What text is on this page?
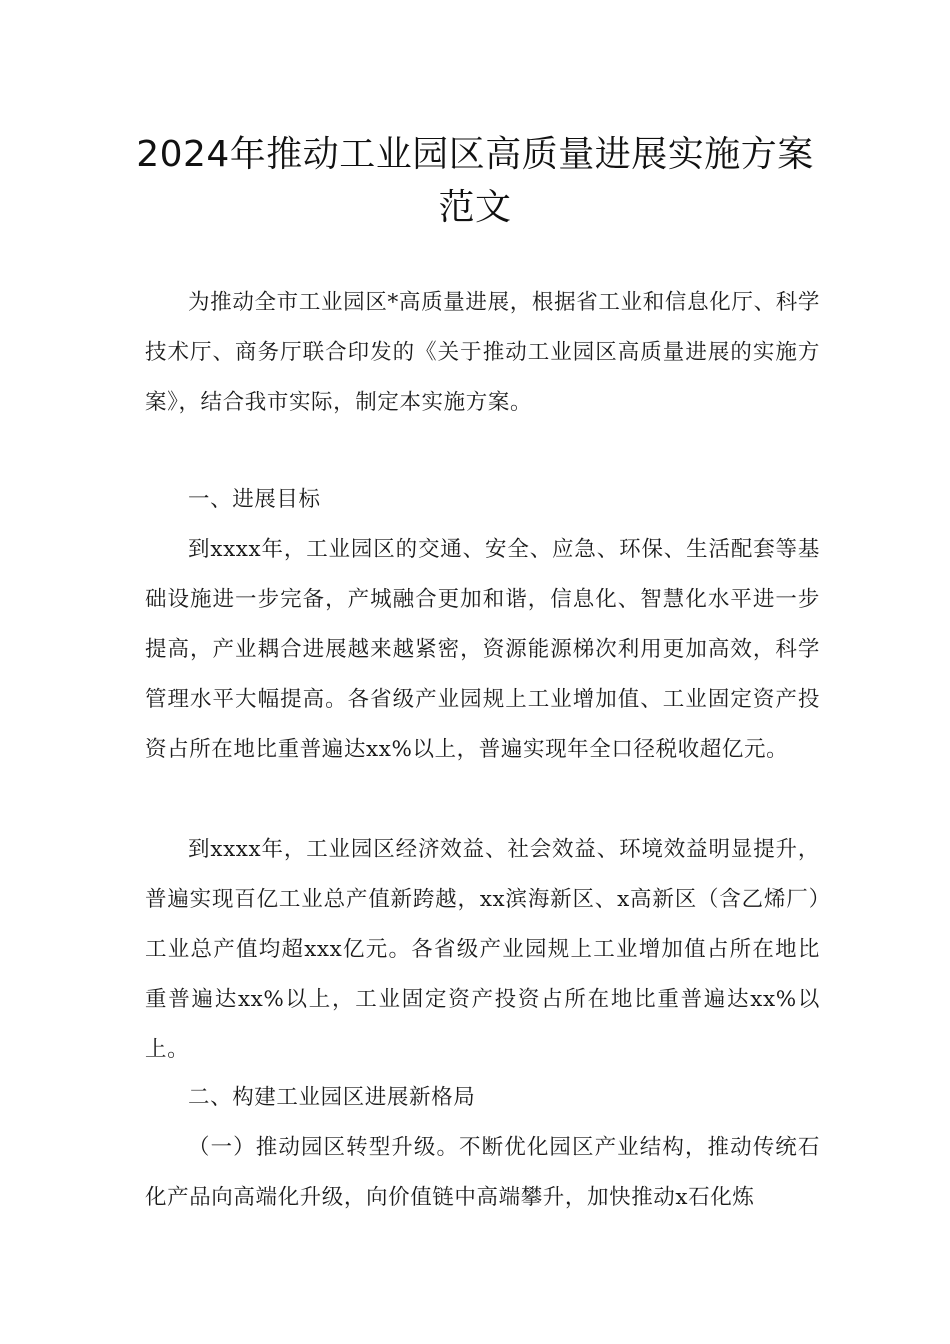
2024年推动工业园区高质量进展实施方案范文

为推动全市工业园区*高质量进展，根据省工业和信息化厅、科学技术厅、商务厅联合印发的《关于推动工业园区高质量进展的实施方案》，结合我市实际，制定本实施方案。

一、进展目标

到xxxx年，工业园区的交通、安全、应急、环保、生活配套等基础设施进一步完备，产城融合更加和谐，信息化、智慧化水平进一步提高，产业耦合进展越来越紧密，资源能源梯次利用更加高效，科学管理水平大幅提高。各省级产业园规上工业增加值、工业固定资产投资占所在地比重普遍达xx%以上，普遍实现年全口径税收超亿元。

到xxxx年，工业园区经济效益、社会效益、环境效益明显提升，普遍实现百亿工业总产值新跨越，xx滨海新区、x高新区（含乙烯厂）工业总产值均超xxx亿元。各省级产业园规上工业增加值占所在地比重普遍达xx%以上，工业固定资产投资占所在地比重普遍达xx%以上。

二、构建工业园区进展新格局

（一）推动园区转型升级。不断优化园区产业结构，推动传统石化产品向高端化升级，向价值链中高端攀升，加快推动x石化炼
